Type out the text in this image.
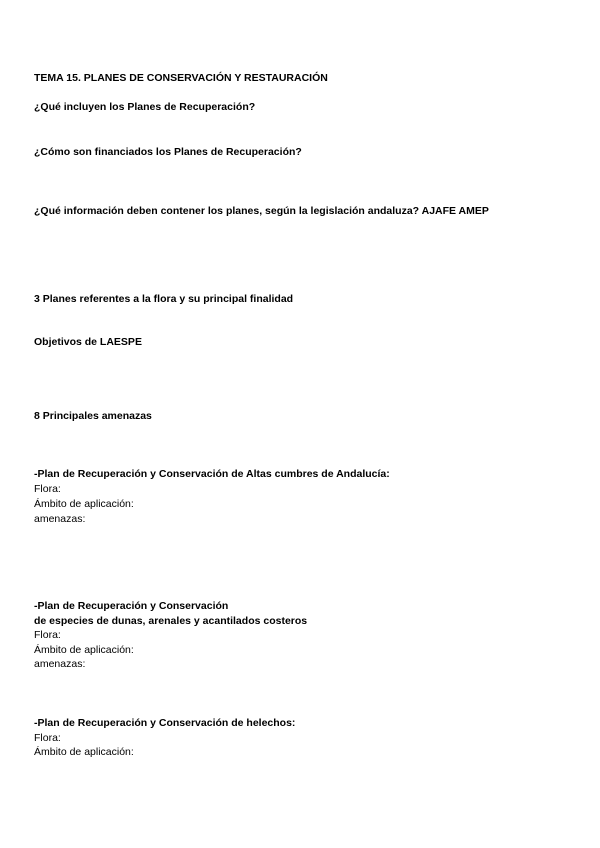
TEMA 15. PLANES DE CONSERVACIÓN Y RESTAURACIÓN
¿Qué incluyen los Planes de Recuperación?
¿Cómo son financiados los Planes de Recuperación?
¿Qué información deben contener los planes, según la legislación andaluza? AJAFE AMEP
3 Planes referentes a la flora y su principal finalidad
Objetivos de LAESPE
8 Principales amenazas
-Plan de Recuperación y Conservación de Altas cumbres de Andalucía:
Flora:
Ámbito de aplicación:
amenazas:
-Plan de Recuperación y Conservación
de especies de dunas, arenales y acantilados costeros
Flora:
Ámbito de aplicación:
amenazas:
-Plan de Recuperación y Conservación de helechos:
Flora:
Ámbito de aplicación:
